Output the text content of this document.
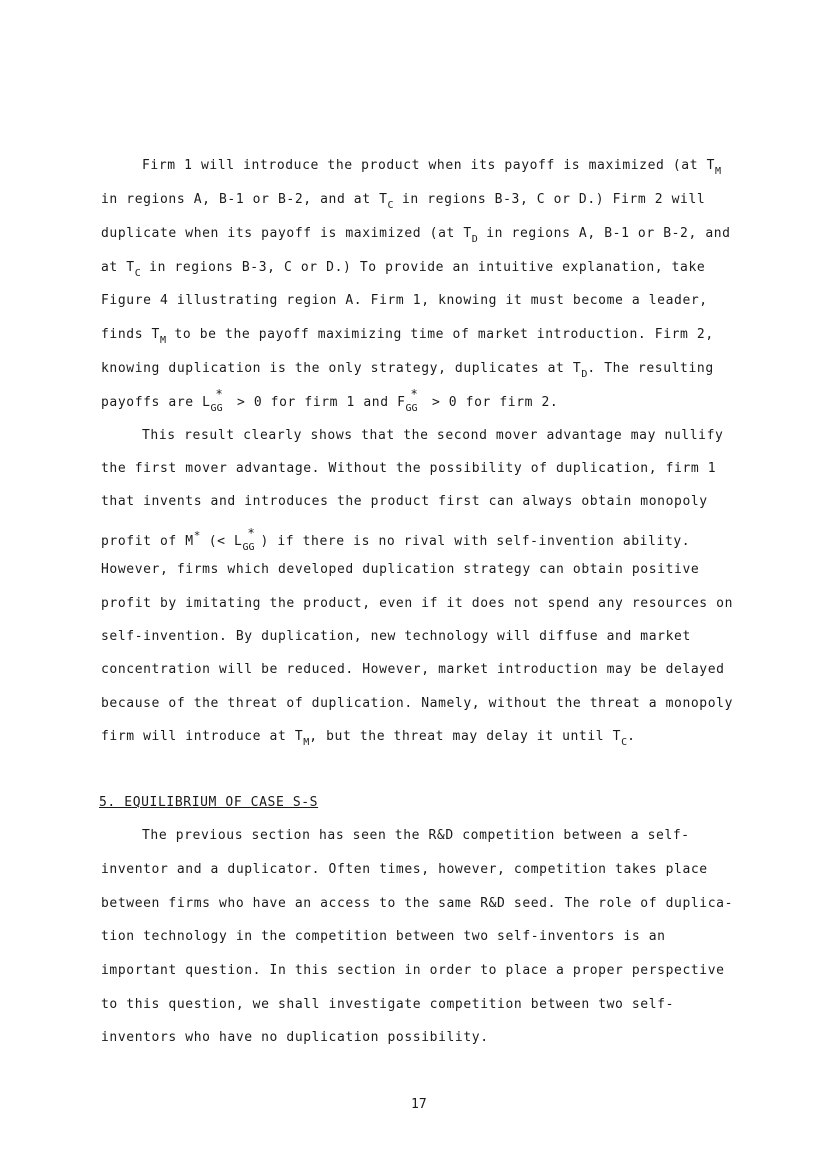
Firm 1 will introduce the product when its payoff is maximized (at $T_M$
in regions A, B-1 or B-2, and at $T_C$ in regions B-3, C or D.) Firm 2 will
duplicate when its payoff is maximized (at $T_D$ in regions A, B-1 or B-2, and
at $T_C$ in regions B-3, C or D.) To provide an intuitive explanation, take
Figure 4 illustrating region A. Firm 1, knowing it must become a leader,
finds $T_M$ to be the payoff maximizing time of market introduction. Firm 2,
knowing duplication is the only strategy, duplicates at $T_D$. The resulting
payoffs are L
*
$_{GG}$ > 0 for firm 1 and F
*
$_{GG}$ > 0 for firm 2.
This result clearly shows that the second mover advantage may nullify
the first mover advantage. Without the possibility of duplication, firm 1
that invents and introduces the product first can always obtain monopoly
profit of M* (< L
*
$_{GG}$ ) if there is no rival with self-invention ability.
However, firms which developed duplication strategy can obtain positive
profit by imitating the product, even if it does not spend any resources on
self-invention. By duplication, new technology will diffuse and market
concentration will be reduced. However, market introduction may be delayed
because of the threat of duplication. Namely, without the threat a monopoly
firm will introduce at $T_M$, but the threat may delay it until $T_C$.
5. EQUILIBRIUM OF CASE S-S
The previous section has seen the R&D competition between a self-
inventor and a duplicator. Often times, however, competition takes place
between firms who have an access to the same R&D seed. The role of duplica-
tion technology in the competition between two self-inventors is an
important question. In this section in order to place a proper perspective
to this question, we shall investigate competition between two self-
inventors who have no duplication possibility.
17
